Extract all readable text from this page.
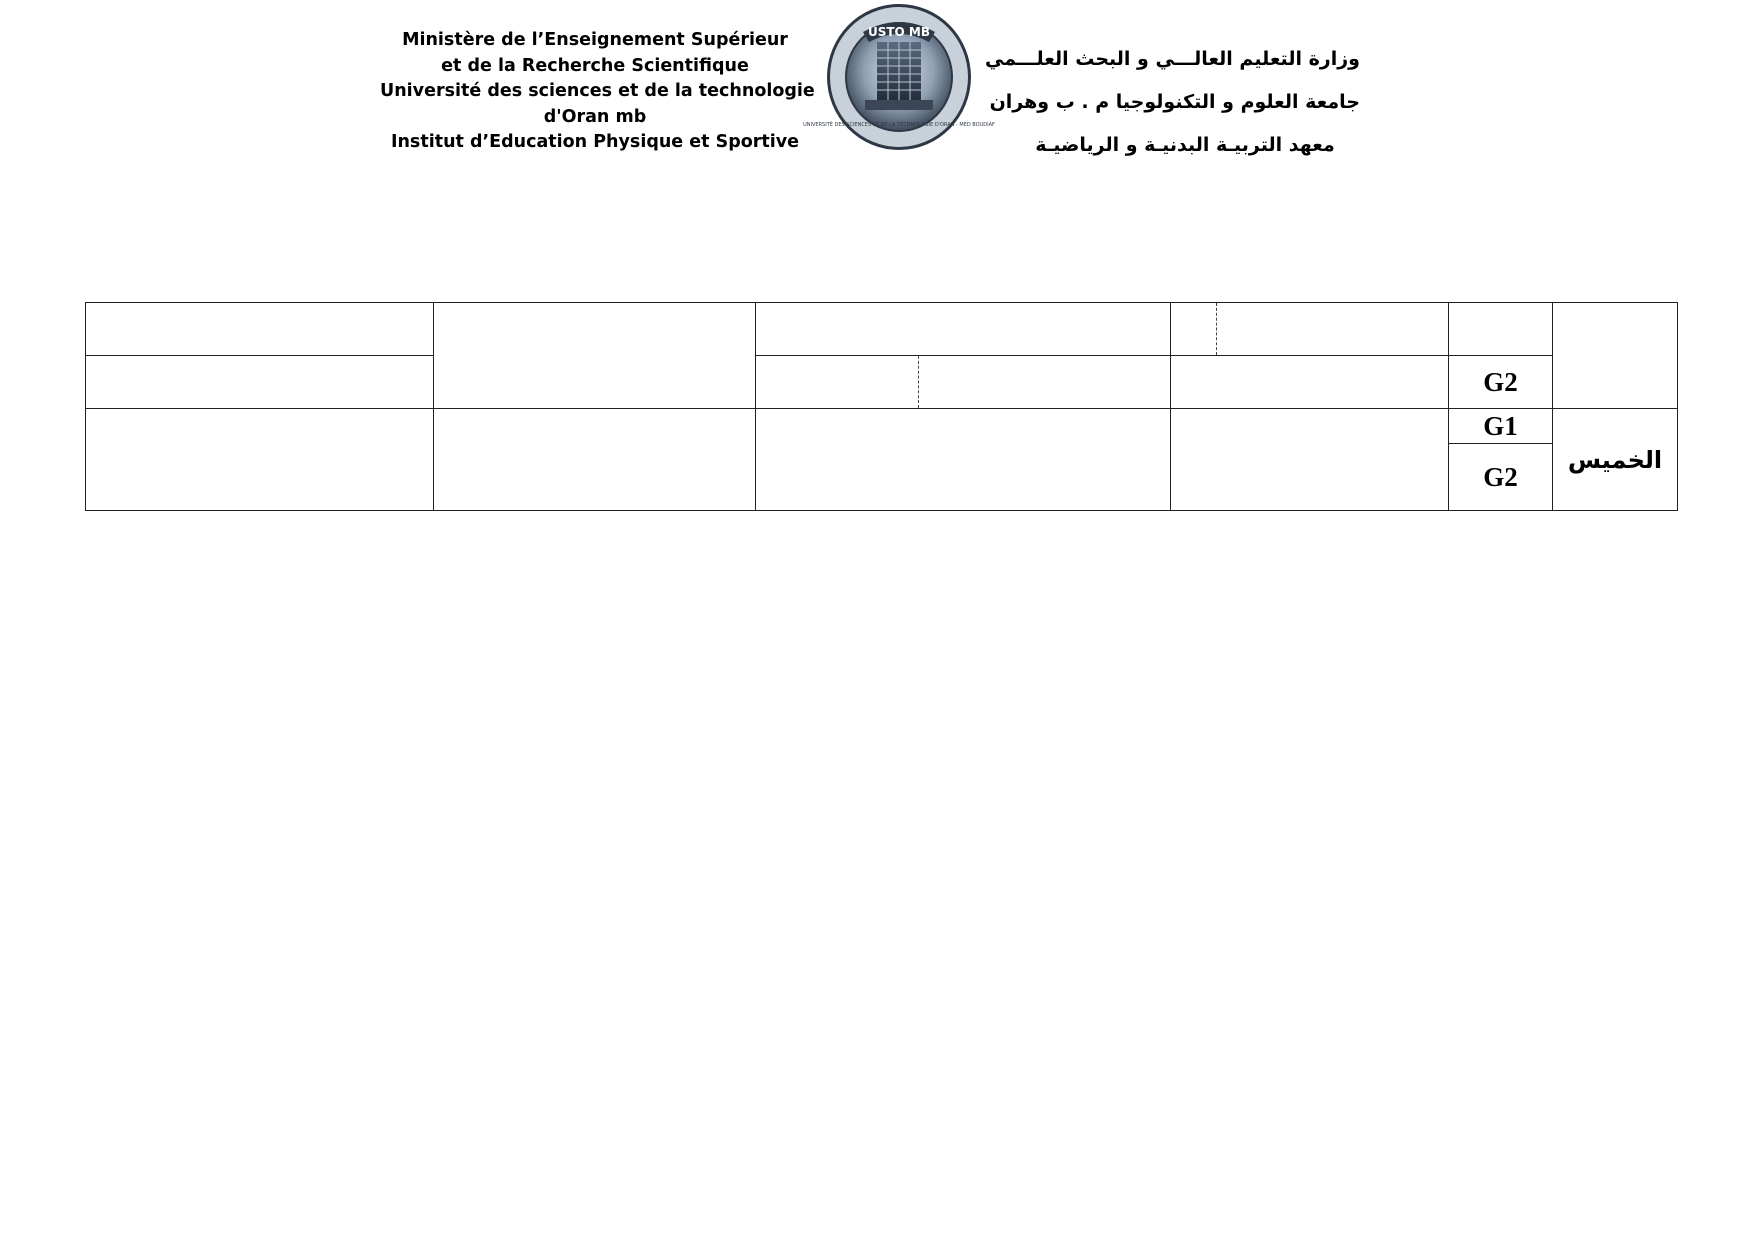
Ministère de l’Enseignement Supérieur
et de la Recherche Scientifique
Université des sciences et de la technologie
d'Oran mb
Institut d’Education Physique et Sportive
USTO MB
UNIVERSITÉ DES SCIENCES ET DE LA TECHNOLOGIE D'ORAN - MED BOUDIAF
وزارة التعليم العالـــي و البحث العلـــمي
جامعة العلوم و التكنولوجيا م . ب وهران
معهد التربيـة البدنيـة و الرياضيـة

						G2	
						G1	الخميس
						G2	
